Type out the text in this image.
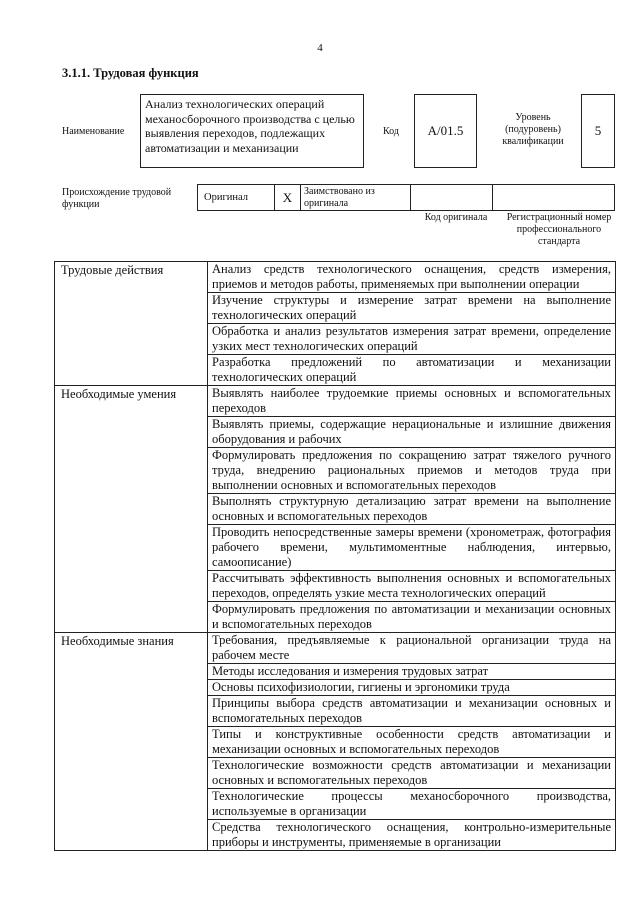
4
3.1.1. Трудовая функция
Наименование
Анализ технологических операций механосборочного производства с целью выявления переходов, подлежащих автоматизации и механизации
Код	A/01.5
Уровень (подуровень) квалификации
5
Происхождение трудовой функции
Оригинал	X	Заимствовано из оригинала
Код оригинала	Регистрационный номер профессионального стандарта
Трудовые действия	Анализ средств технологического оснащения, средств измерения, приемов и методов работы, применяемых при выполнении операции
	Изучение структуры и измерение затрат времени на выполнение технологических операций
	Обработка и анализ результатов измерения затрат времени, определение узких мест технологических операций
	Разработка предложений по автоматизации и механизации технологических операций
Необходимые умения	Выявлять наиболее трудоемкие приемы основных и вспомогательных переходов
	Выявлять приемы, содержащие нерациональные и излишние движения оборудования и рабочих
	Формулировать предложения по сокращению затрат тяжелого ручного труда, внедрению рациональных приемов и методов труда при выполнении основных и вспомогательных переходов
	Выполнять структурную детализацию затрат времени на выполнение основных и вспомогательных переходов
	Проводить непосредственные замеры времени (хронометраж, фотография рабочего времени, мультимоментные наблюдения, интервью, самоописание)
	Рассчитывать эффективность выполнения основных и вспомогательных переходов, определять узкие места технологических операций
	Формулировать предложения по автоматизации и механизации основных и вспомогательных переходов
Необходимые знания	Требования, предъявляемые к рациональной организации труда на рабочем месте
	Методы исследования и измерения трудовых затрат
	Основы психофизиологии, гигиены и эргономики труда
	Принципы выбора средств автоматизации и механизации основных и вспомогательных переходов
	Типы и конструктивные особенности средств автоматизации и механизации основных и вспомогательных переходов
	Технологические возможности средств автоматизации и механизации основных и вспомогательных переходов
	Технологические процессы механосборочного производства, используемые в организации
	Средства технологического оснащения, контрольно-измерительные приборы и инструменты, применяемые в организации
